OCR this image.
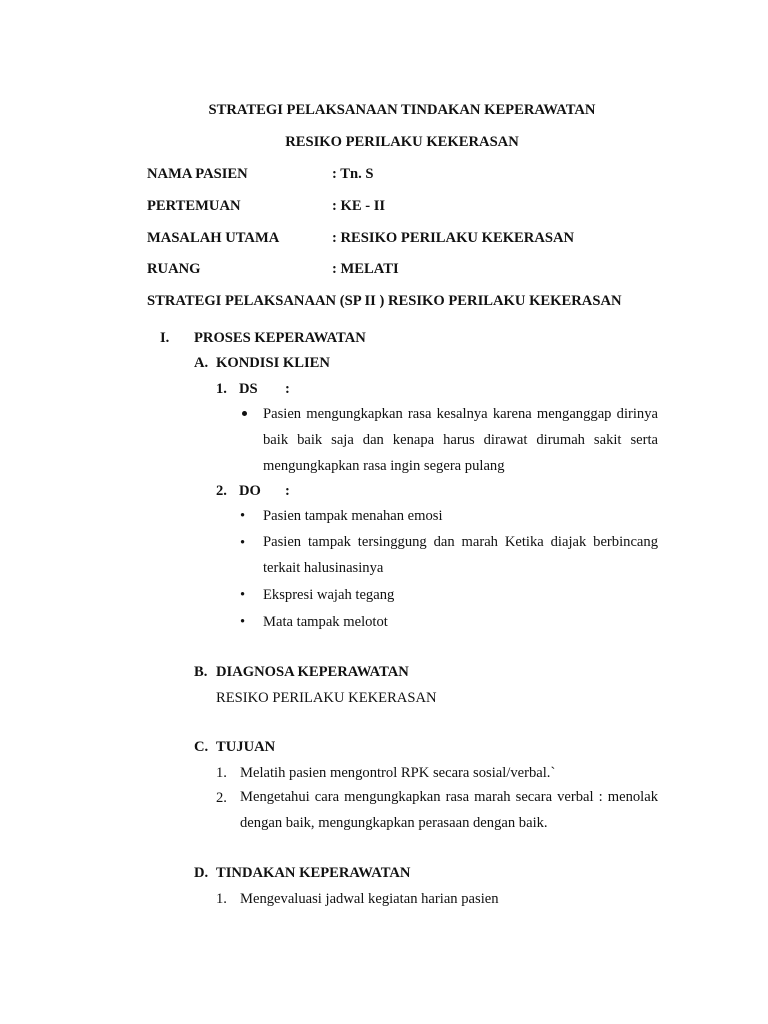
STRATEGI PELAKSANAAN TINDAKAN KEPERAWATAN
RESIKO PERILAKU KEKERASAN
NAMA PASIEN	: Tn. S
PERTEMUAN	: KE - II
MASALAH UTAMA	: RESIKO PERILAKU KEKERASAN
RUANG	: MELATI
STRATEGI PELAKSANAAN (SP II ) RESIKO PERILAKU KEKERASAN
I. PROSES KEPERAWATAN
A. KONDISI KLIEN
1. DS :
Pasien mengungkapkan rasa kesalnya karena menganggap dirinya baik baik saja dan kenapa harus dirawat dirumah sakit serta mengungkapkan rasa ingin segera pulang
2. DO :
• Pasien tampak menahan emosi
• Pasien tampak tersinggung dan marah Ketika diajak berbincang terkait halusinasinya
• Ekspresi wajah tegang
• Mata tampak melotot
B. DIAGNOSA KEPERAWATAN
RESIKO PERILAKU KEKERASAN
C. TUJUAN
1. Melatih pasien mengontrol RPK secara sosial/verbal.`
2. Mengetahui cara mengungkapkan rasa marah secara verbal : menolak dengan baik, mengungkapkan perasaan dengan baik.
D. TINDAKAN KEPERAWATAN
1. Mengevaluasi jadwal kegiatan harian pasien
